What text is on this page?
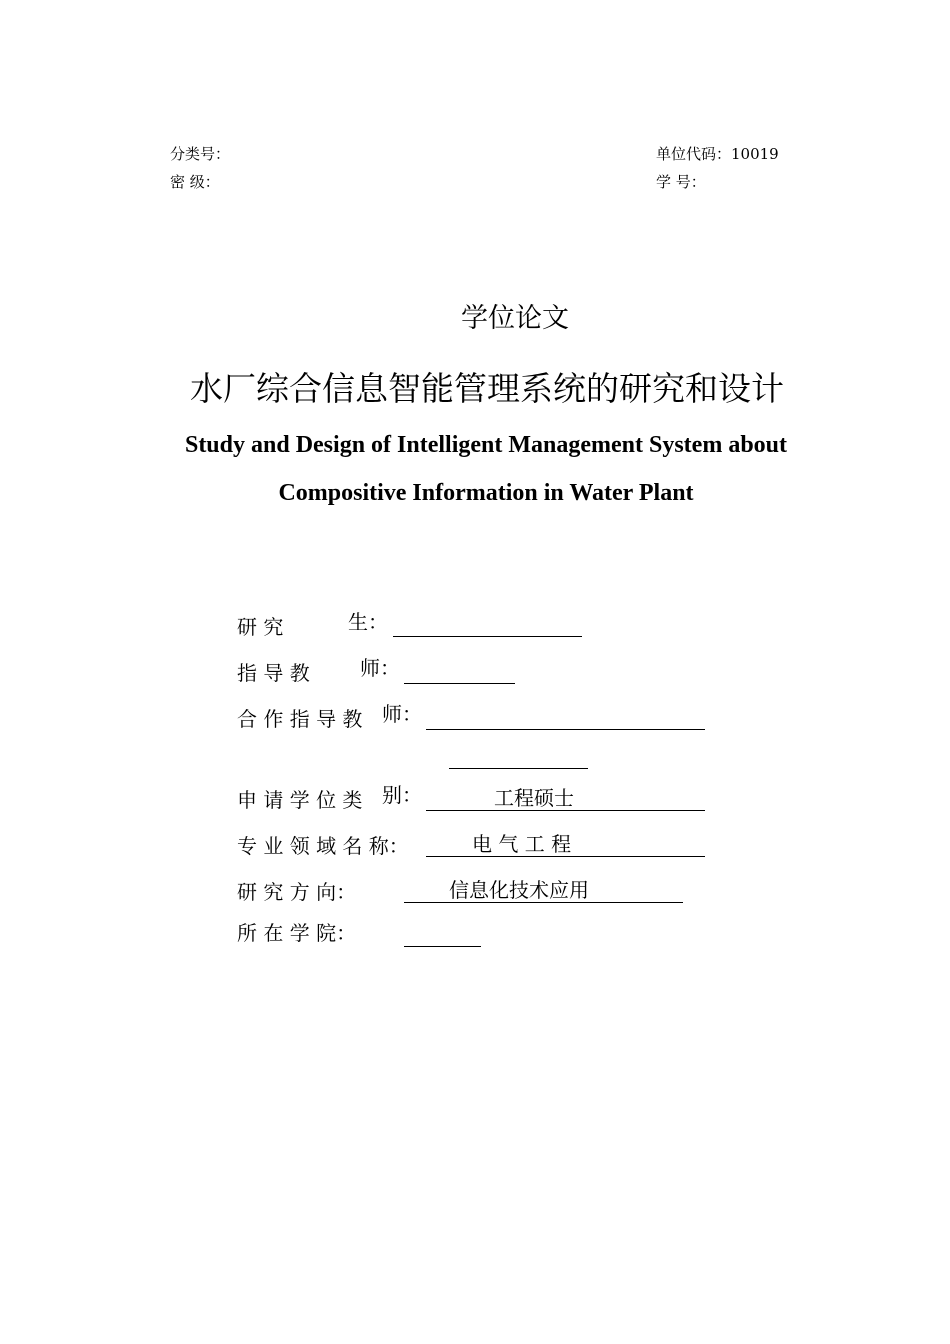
分类号：
密 级：
单位代码：10019
学 号：
学位论文
水厂综合信息智能管理系统的研究和设计
Study and Design of Intelligent Management System about
Compositive Information in Water Plant
研 究	生：
指 导 教	师：
合 作 指 导 教 师：
申 请 学 位 类 别：	工程硕士
专 业 领 域 名 称：	电 气 工 程
研 究 方 向：	信息化技术应用
所 在 学 院：
